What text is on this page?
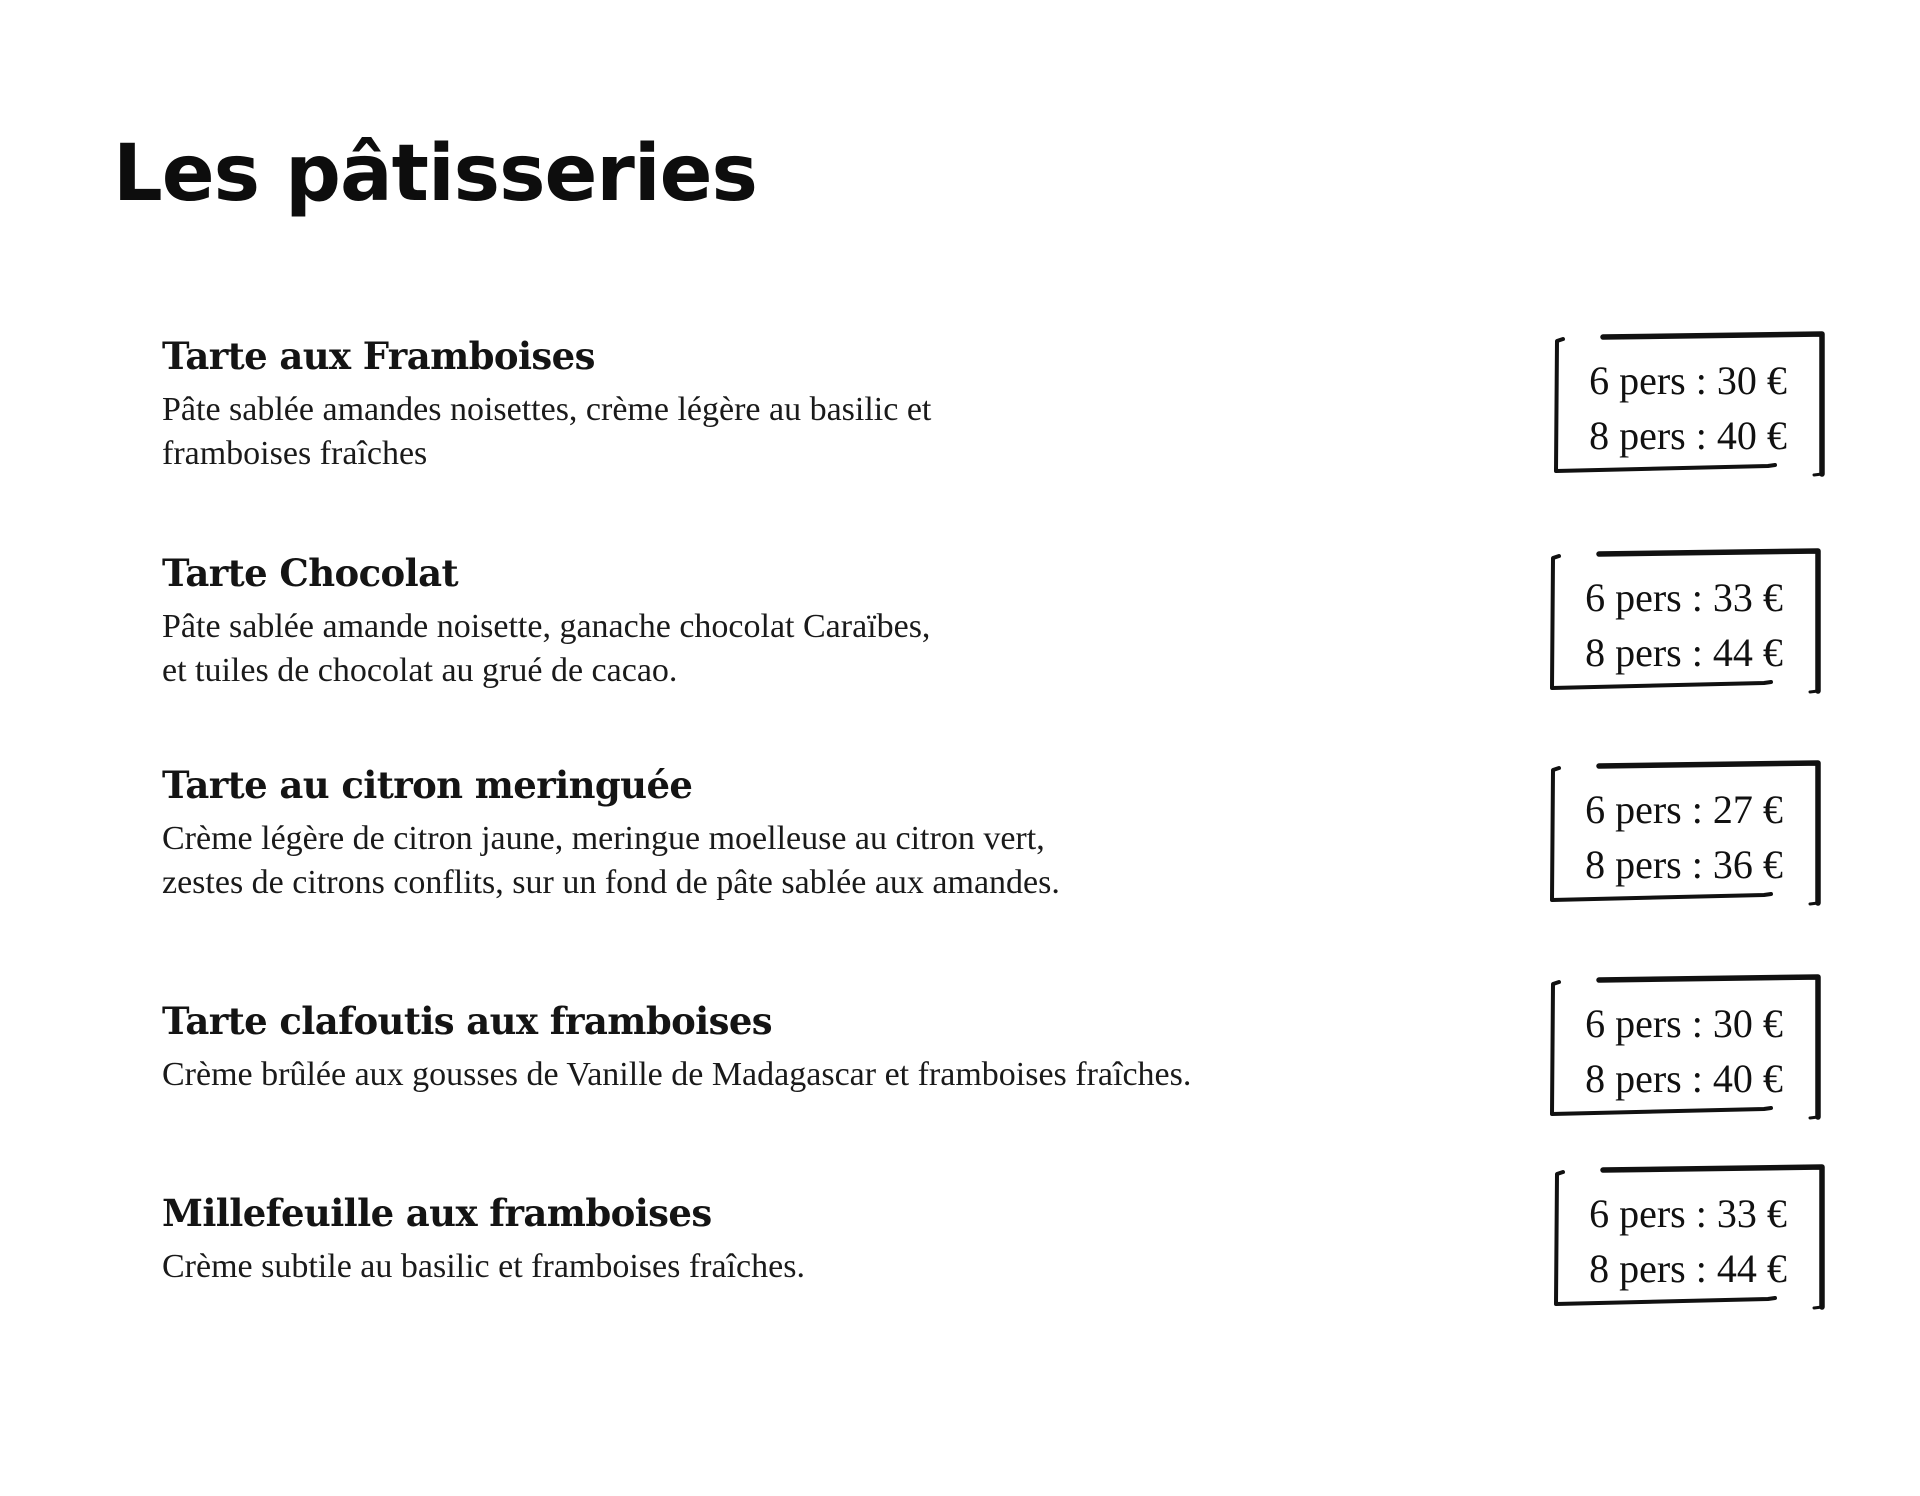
Les pâtisseries
Tarte aux Framboises

Pâte sablée amandes noisettes, crème légère au basilic et
framboises fraîches

6 pers : 30 €
8 pers : 40 €
Tarte Chocolat

Pâte sablée amande noisette, ganache chocolat Caraïbes,
et tuiles de chocolat au grué de cacao.

6 pers : 33 €
8 pers : 44 €
Tarte au citron meringuée

Crème légère de citron jaune, meringue moelleuse au citron vert,
zestes de citrons conflits, sur un fond de pâte sablée aux amandes.

6 pers : 27 €
8 pers : 36 €
Tarte clafoutis aux framboises

Crème brûlée aux gousses de Vanille de Madagascar et framboises fraîches.

6 pers : 30 €
8 pers : 40 €
Millefeuille aux framboises

Crème subtile au basilic et framboises fraîches.

6 pers : 33 €
8 pers : 44 €
